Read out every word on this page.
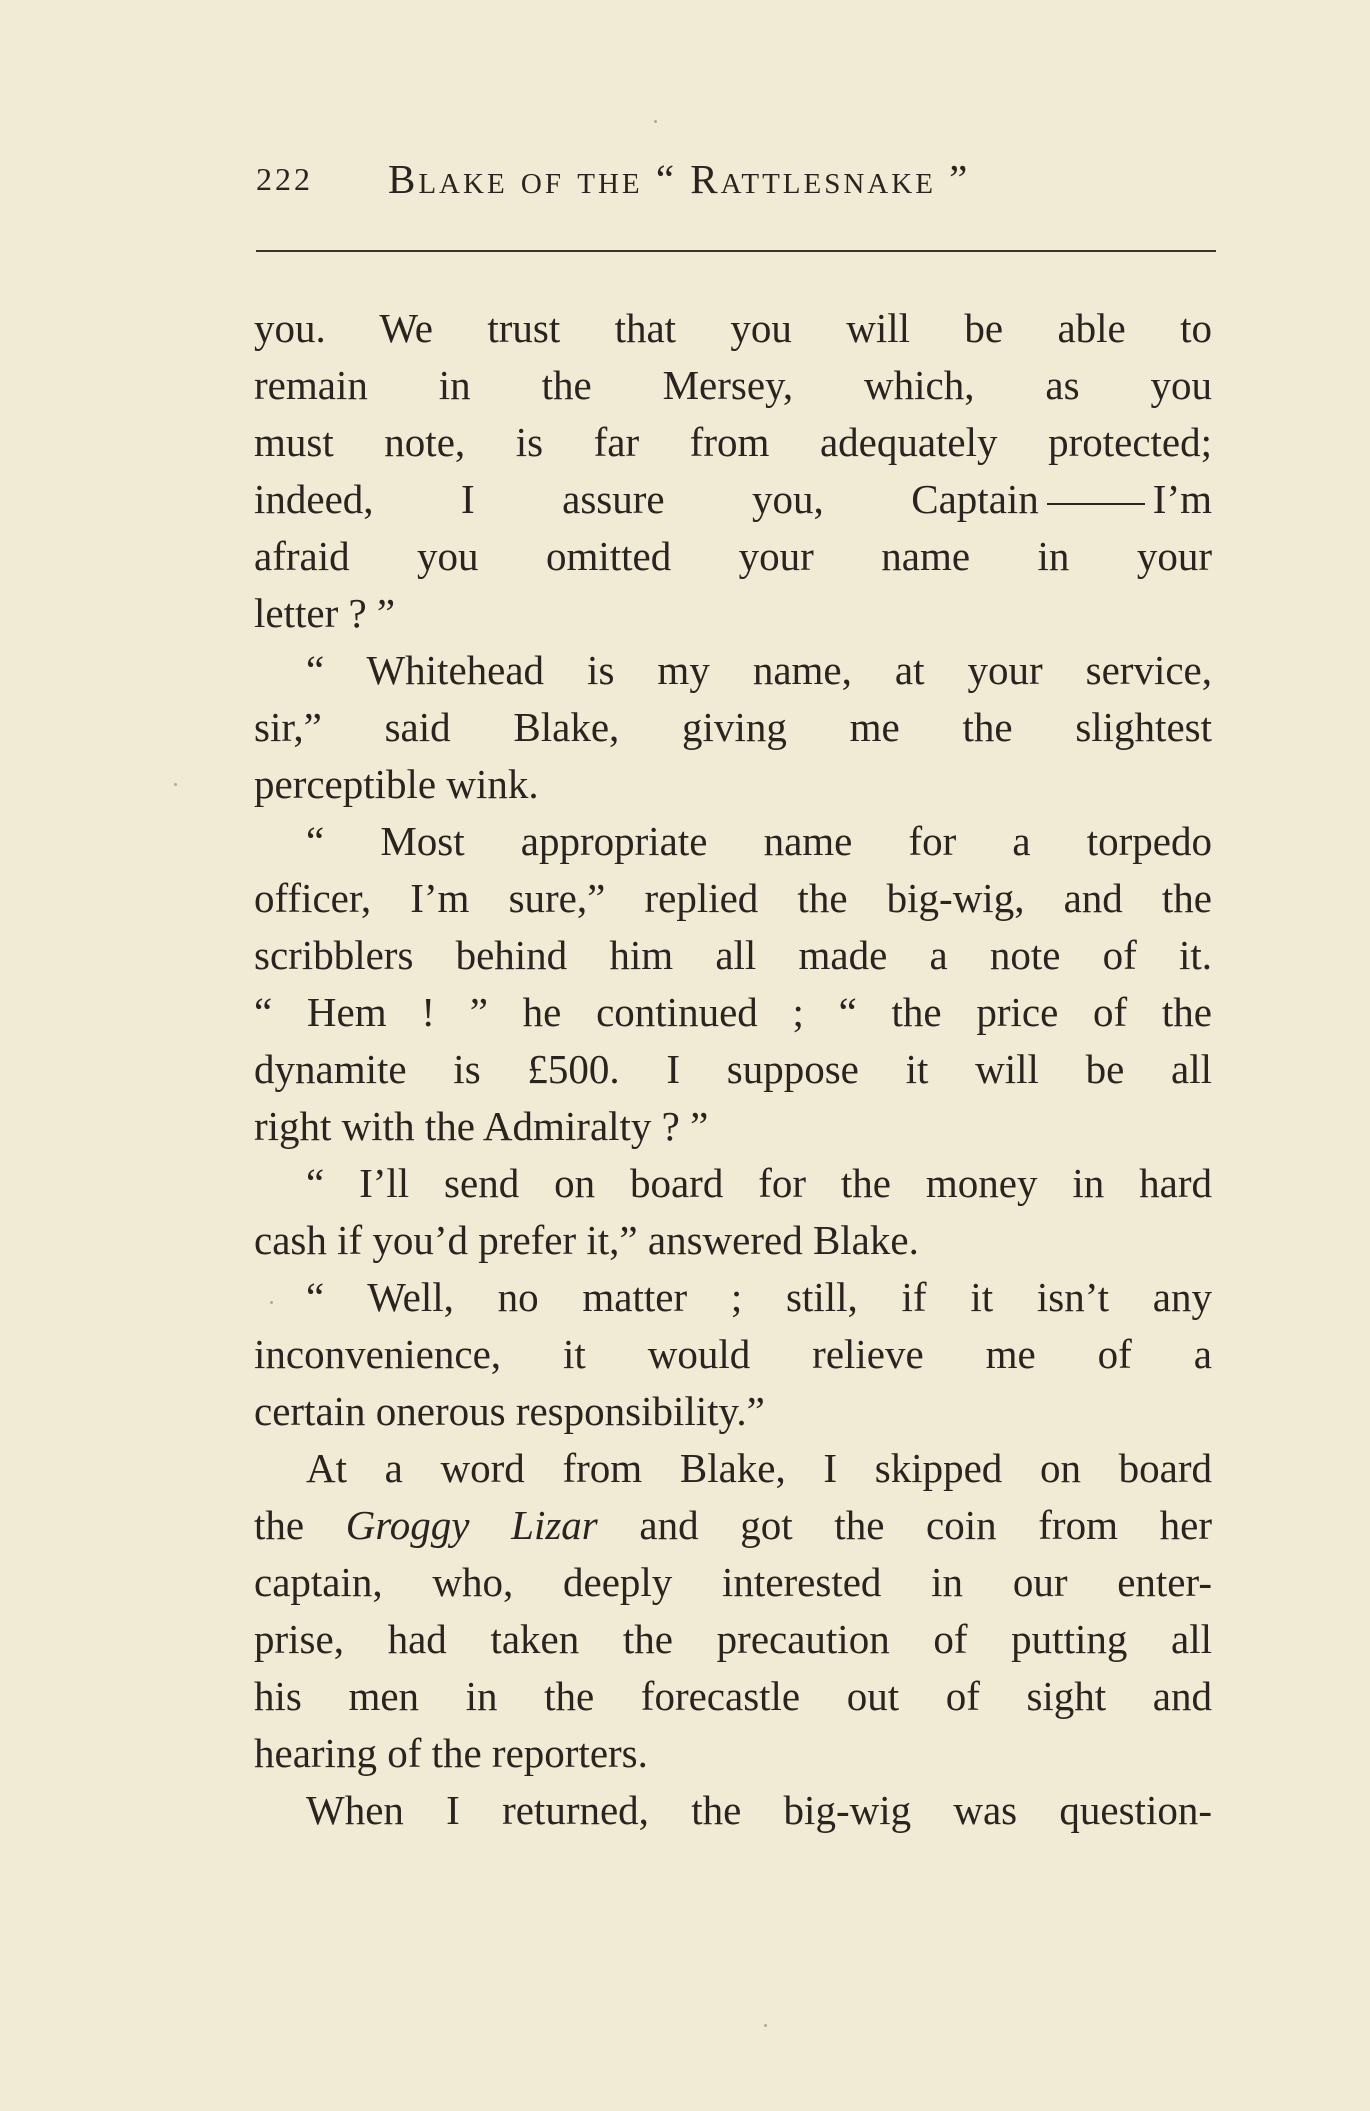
222 Blake of the “ Rattlesnake ”
you. We trust that you will be able to
remain in the Mersey, which, as you
must note, is far from adequately protected;
indeed, I assure you, Captain	I’m
afraid you omitted your name in your
letter ? ”
“ Whitehead is my name, at your service,
sir,” said Blake, giving me the slightest
perceptible wink.
“ Most appropriate name for a torpedo
officer, I’m sure,” replied the big-wig, and the
scribblers behind him all made a note of it.
“ Hem ! ” he continued ; “ the price of the
dynamite is £500. I suppose it will be all
right with the Admiralty ? ”
“ I’ll send on board for the money in hard
cash if you’d prefer it,” answered Blake.
“ Well, no matter ; still, if it isn’t any
inconvenience, it would relieve me of a
certain onerous responsibility.”
At a word from Blake, I skipped on board
the Groggy Lizar and got the coin from her
captain, who, deeply interested in our enter-
prise, had taken the precaution of putting all
his men in the forecastle out of sight and
hearing of the reporters.
When I returned, the big-wig was question-
